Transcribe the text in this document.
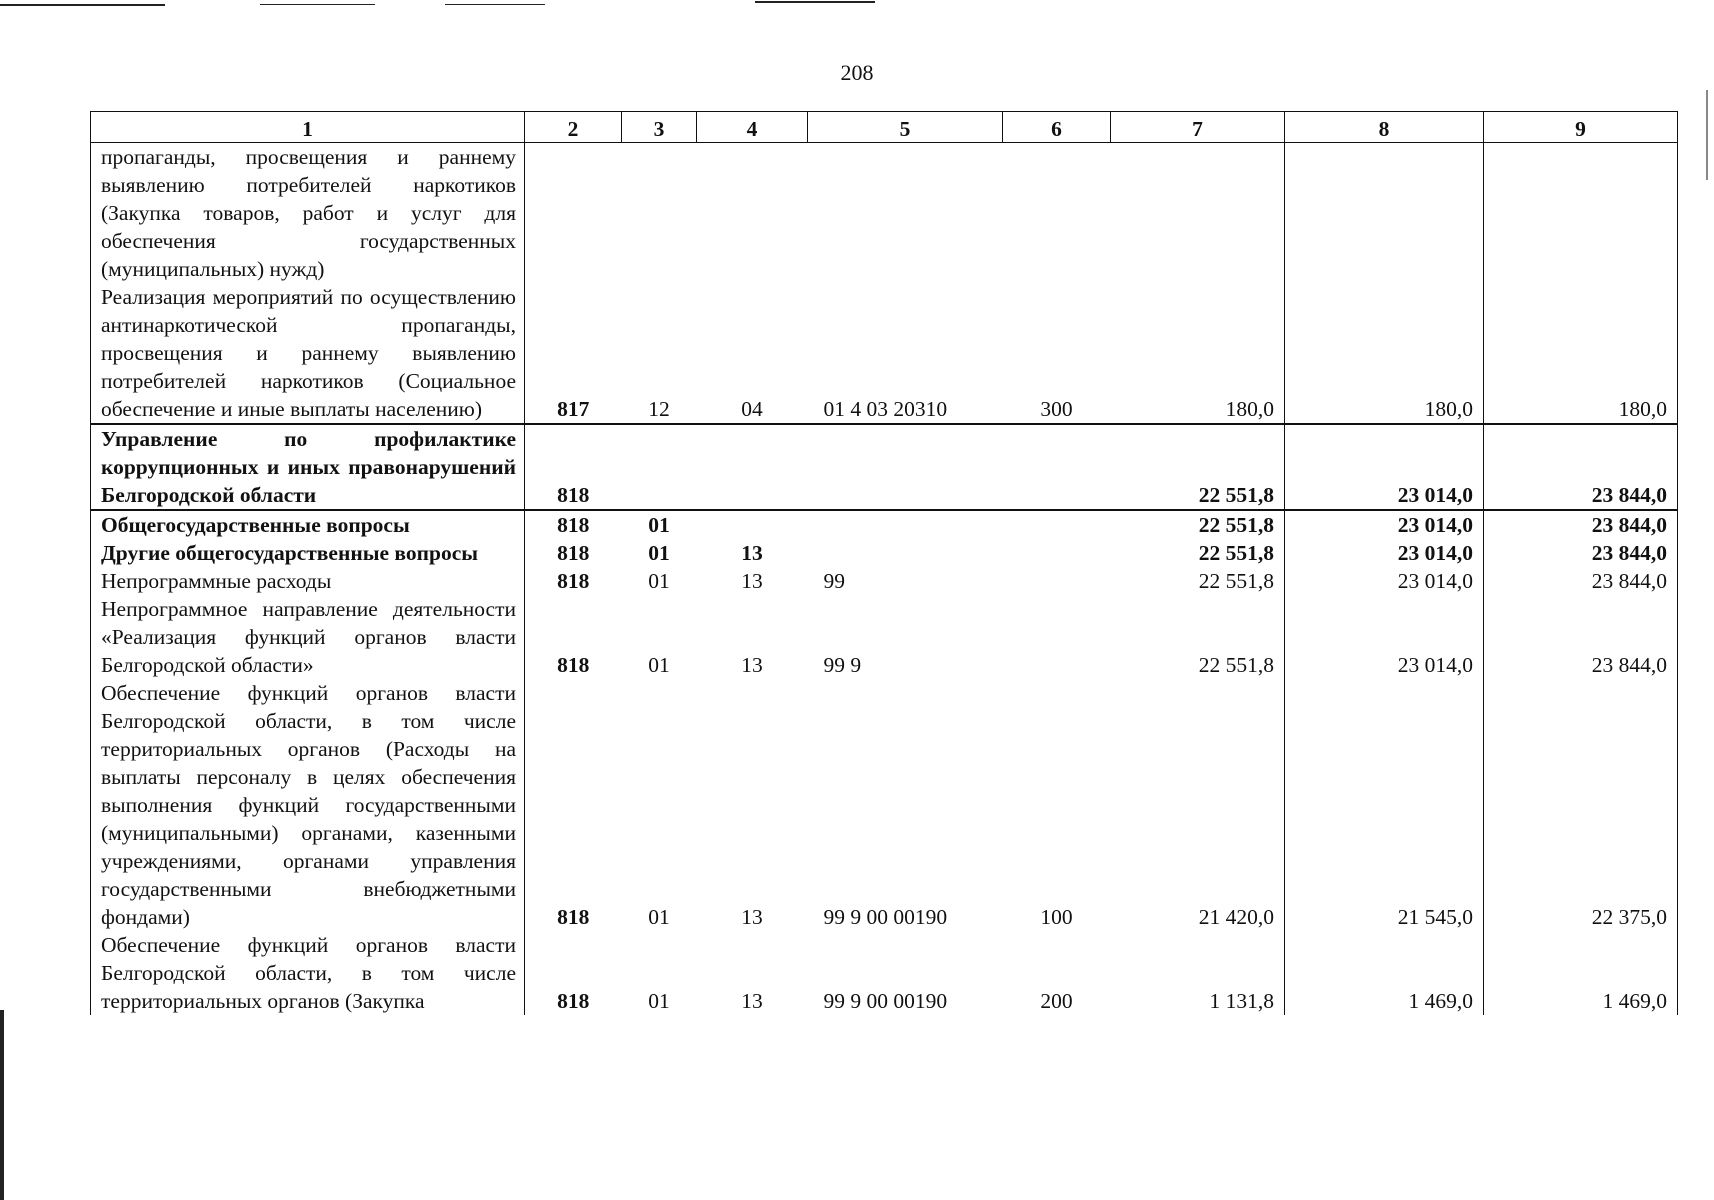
208
1	2	3	4	5	6	7	8	9
пропаганды, просвещения и раннему выявлению потребителей наркотиков (Закупка товаров, работ и услуг для обеспечения государственных (муниципальных) нужд)								
Реализация мероприятий по осуществлению антинаркотической пропаганды, просвещения и раннему выявлению потребителей наркотиков (Социальное обеспечение и иные выплаты населению)	817	12	04	01 4 03 20310	300	180,0	180,0	180,0
Управление по профилактике коррупционных и иных правонарушений Белгородской области	818					22 551,8	23 014,0	23 844,0
Общегосударственные вопросы	818	01				22 551,8	23 014,0	23 844,0
Другие общегосударственные вопросы	818	01	13			22 551,8	23 014,0	23 844,0
Непрограммные расходы	818	01	13	99		22 551,8	23 014,0	23 844,0
Непрограммное направление деятельности «Реализация функций органов власти Белгородской области»	818	01	13	99 9		22 551,8	23 014,0	23 844,0
Обеспечение функций органов власти Белгородской области, в том числе территориальных органов (Расходы на выплаты персоналу в целях обеспечения выполнения функций государственными (муниципальными) органами, казенными учреждениями, органами управления государственными внебюджетными фондами)	818	01	13	99 9 00 00190	100	21 420,0	21 545,0	22 375,0
Обеспечение функций органов власти Белгородской области, в том числе территориальных органов (Закупка	818	01	13	99 9 00 00190	200	1 131,8	1 469,0	1 469,0
